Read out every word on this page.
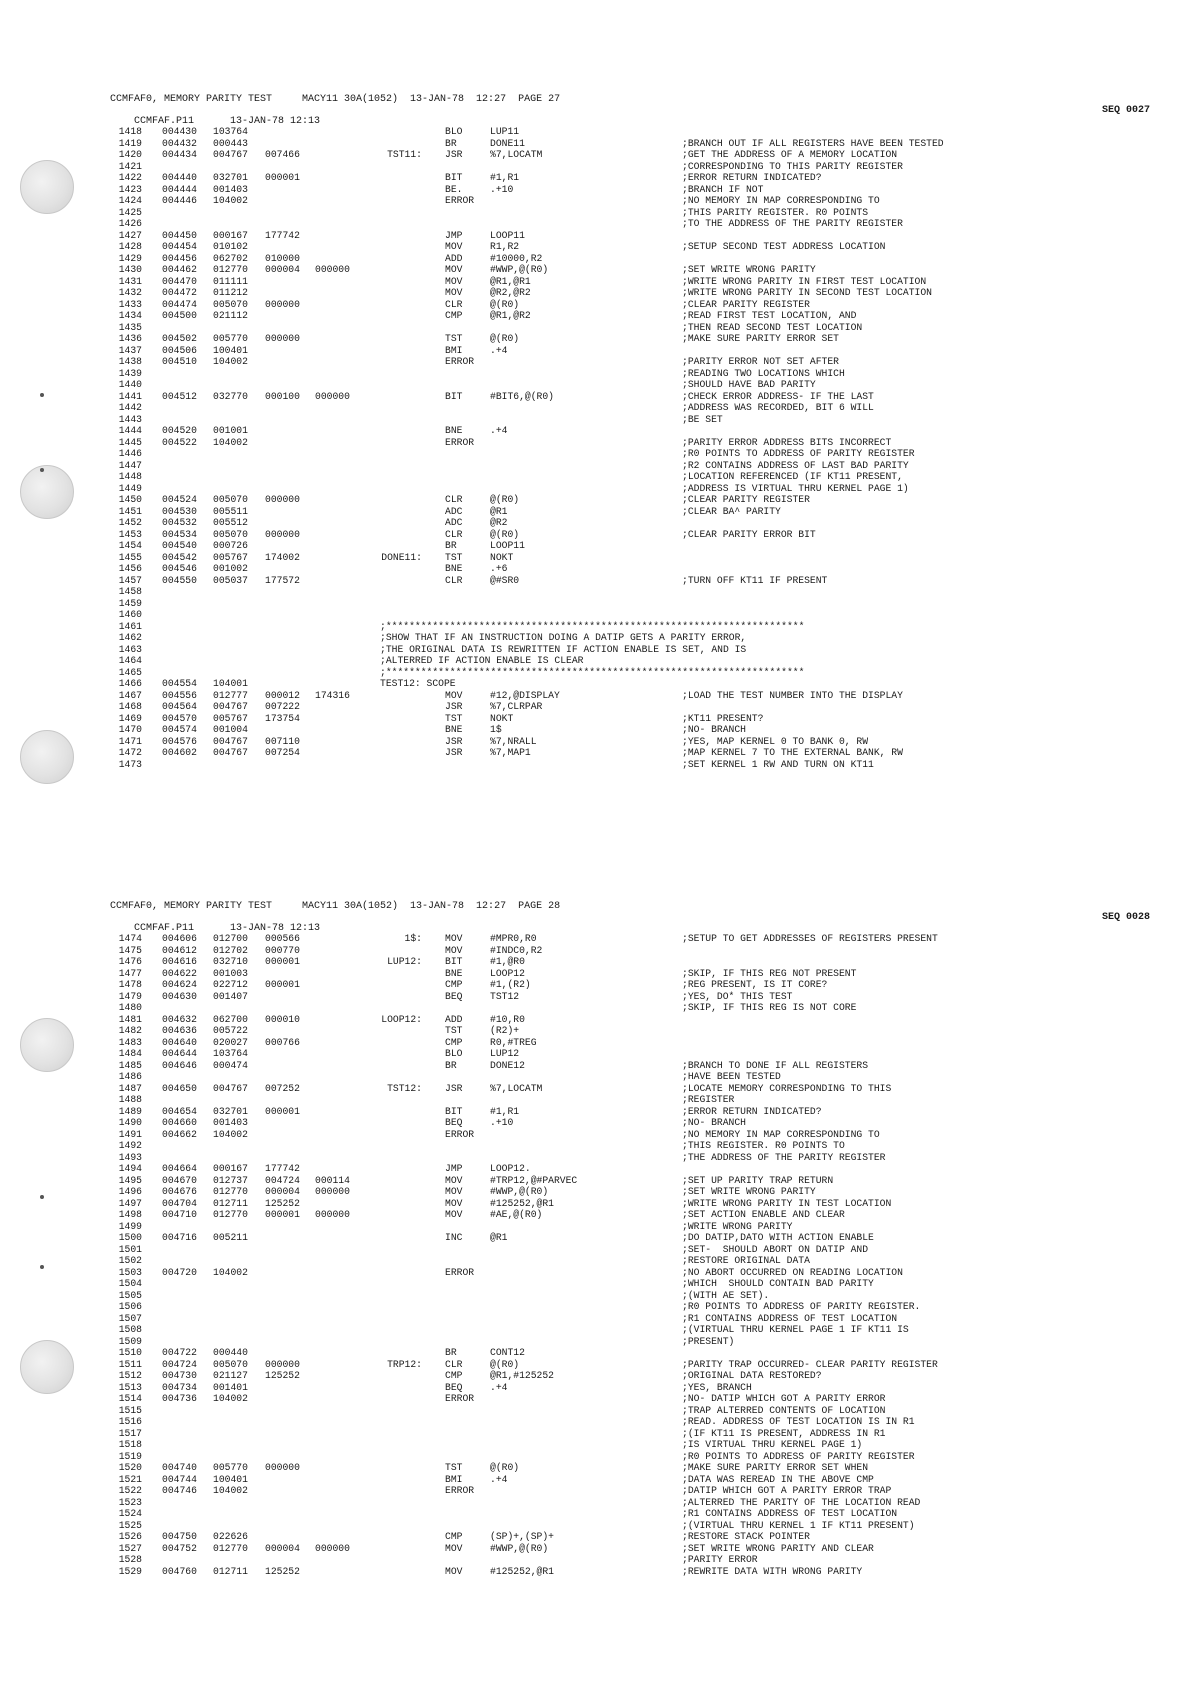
CCMFAF0, MEMORY PARITY TEST     MACY11 30A(1052)  13-JAN-78  12:27  PAGE 27

CCMFAF.P11      13-JAN-78 12:13

SEQ 0027

1418 004430 103764	BLO	LUP11
1419 004432 000443	BR	DONE11	;BRANCH OUT IF ALL REGISTERS HAVE BEEN TESTED
1420 004434 004767 007466	TST11: JSR	%7,LOCATM	;GET THE ADDRESS OF A MEMORY LOCATION
1421	;CORRESPONDING TO THIS PARITY REGISTER
1422 004440 032701 000001	BIT	#1,R1	;ERROR RETURN INDICATED?
1423 004444 001403	BE.	.+10	;BRANCH IF NOT
1424 004446 104002	ERROR	;NO MEMORY IN MAP CORRESPONDING TO
1425	;THIS PARITY REGISTER. R0 POINTS
1426	;TO THE ADDRESS OF THE PARITY REGISTER
1427 004450 000167 177742	JMP	LOOP11
1428 004454 010102	MOV	R1,R2	;SETUP SECOND TEST ADDRESS LOCATION
1429 004456 062702 010000	ADD	#10000,R2
1430 004462 012770 000004 000000	MOV	#WWP,@(R0)	;SET WRITE WRONG PARITY
1431 004470 011111	MOV	@R1,@R1	;WRITE WRONG PARITY IN FIRST TEST LOCATION
1432 004472 011212	MOV	@R2,@R2	;WRITE WRONG PARITY IN SECOND TEST LOCATION
1433 004474 005070 000000	CLR	@(R0)	;CLEAR PARITY REGISTER
1434 004500 021112	CMP	@R1,@R2	;READ FIRST TEST LOCATION, AND
1435	;THEN READ SECOND TEST LOCATION
1436 004502 005770 000000	TST	@(R0)	;MAKE SURE PARITY ERROR SET
1437 004506 100401	BMI	.+4
1438 004510 104002	ERROR	;PARITY ERROR NOT SET AFTER
1439	;READING TWO LOCATIONS WHICH
1440	;SHOULD HAVE BAD PARITY
1441 004512 032770 000100 000000	BIT	#BIT6,@(R0)	;CHECK ERROR ADDRESS- IF THE LAST
1442	;ADDRESS WAS RECORDED, BIT 6 WILL
1443	;BE SET
1444 004520 001001	BNE	.+4
1445 004522 104002	ERROR	;PARITY ERROR ADDRESS BITS INCORRECT
1446	;R0 POINTS TO ADDRESS OF PARITY REGISTER
1447	;R2 CONTAINS ADDRESS OF LAST BAD PARITY
1448	;LOCATION REFERENCED (IF KT11 PRESENT,
1449	;ADDRESS IS VIRTUAL THRU KERNEL PAGE 1)
1450 004524 005070 000000	CLR	@(R0)	;CLEAR PARITY REGISTER
1451 004530 005511	ADC	@R1	;CLEAR BA^ PARITY
1452 004532 005512	ADC	@R2
1453 004534 005070 000000	CLR	@(R0)	;CLEAR PARITY ERROR BIT
1454 004540 000726	BR	LOOP11
1455 004542 005767 174002	DONE11: TST	NOKT
1456 004546 001002	BNE	.+6
1457 004550 005037 177572	CLR	@#SR0	;TURN OFF KT11 IF PRESENT
1458
1459
1460
1461	;************************************************************************
1462	;SHOW THAT IF AN INSTRUCTION DOING A DATIP GETS A PARITY ERROR,
1463	;THE ORIGINAL DATA IS REWRITTEN IF ACTION ENABLE IS SET, AND IS
1464	;ALTERRED IF ACTION ENABLE IS CLEAR
1465	;************************************************************************
1466 004554 104001	TEST12: SCOPE
1467 004556 012777 000012 174316	MOV	#12,@DISPLAY	;LOAD THE TEST NUMBER INTO THE DISPLAY
1468 004564 004767 007222	JSR	%7,CLRPAR
1469 004570 005767 173754	TST	NOKT	;KT11 PRESENT?
1470 004574 001004	BNE	1$	;NO- BRANCH
1471 004576 004767 007110	JSR	%7,NRALL	;YES, MAP KERNEL 0 TO BANK 0, RW
1472 004602 004767 007254	JSR	%7,MAP1	;MAP KERNEL 7 TO THE EXTERNAL BANK, RW
1473	;SET KERNEL 1 RW AND TURN ON KT11
CCMFAF0, MEMORY PARITY TEST     MACY11 30A(1052)  13-JAN-78  12:27  PAGE 28

CCMFAF.P11      13-JAN-78 12:13

SEQ 0028

1474 004606 012700 000566	1$: MOV	#MPR0,R0	;SETUP TO GET ADDRESSES OF REGISTERS PRESENT
1475 004612 012702 000770	MOV	#INDC0,R2
1476 004616 032710 000001	LUP12: BIT	#1,@R0
1477 004622 001003	BNE	LOOP12	;SKIP, IF THIS REG NOT PRESENT
1478 004624 022712 000001	CMP	#1,(R2)	;REG PRESENT, IS IT CORE?
1479 004630 001407	BEQ	TST12	;YES, DO* THIS TEST
1480	;SKIP, IF THIS REG IS NOT CORE
1481 004632 062700 000010	LOOP12: ADD	#10,R0
1482 004636 005722	TST	(R2)+
1483 004640 020027 000766	CMP	R0,#TREG
1484 004644 103764	BLO	LUP12
1485 004646 000474	BR	DONE12	;BRANCH TO DONE IF ALL REGISTERS
1486	;HAVE BEEN TESTED
1487 004650 004767 007252	TST12: JSR	%7,LOCATM	;LOCATE MEMORY CORRESPONDING TO THIS
1488	;REGISTER
1489 004654 032701 000001	BIT	#1,R1	;ERROR RETURN INDICATED?
1490 004660 001403	BEQ	.+10	;NO- BRANCH
1491 004662 104002	ERROR	;NO MEMORY IN MAP CORRESPONDING TO
1492	;THIS REGISTER. R0 POINTS TO
1493	;THE ADDRESS OF THE PARITY REGISTER
1494 004664 000167 177742	JMP	LOOP12.
1495 004670 012737 004724 000114	MOV	#TRP12,@#PARVEC	;SET UP PARITY TRAP RETURN
1496 004676 012770 000004 000000	MOV	#WWP,@(R0)	;SET WRITE WRONG PARITY
1497 004704 012711 125252	MOV	#125252,@R1	;WRITE WRONG PARITY IN TEST LOCATION
1498 004710 012770 000001 000000	MOV	#AE,@(R0)	;SET ACTION ENABLE AND CLEAR
1499	;WRITE WRONG PARITY
1500 004716 005211	INC	@R1	;DO DATIP,DATO WITH ACTION ENABLE
1501	;SET-  SHOULD ABORT ON DATIP AND
1502	;RESTORE ORIGINAL DATA
1503 004720 104002	ERROR	;NO ABORT OCCURRED ON READING LOCATION
1504	;WHICH  SHOULD CONTAIN BAD PARITY
1505	;(WITH AE SET).
1506	;R0 POINTS TO ADDRESS OF PARITY REGISTER.
1507	;R1 CONTAINS ADDRESS OF TEST LOCATION
1508	;(VIRTUAL THRU KERNEL PAGE 1 IF KT11 IS
1509	;PRESENT)
1510 004722 000440	BR	CONT12
1511 004724 005070 000000	TRP12: CLR	@(R0)	;PARITY TRAP OCCURRED- CLEAR PARITY REGISTER
1512 004730 021127 125252	CMP	@R1,#125252	;ORIGINAL DATA RESTORED?
1513 004734 001401	BEQ	.+4	;YES, BRANCH
1514 004736 104002	ERROR	;NO- DATIP WHICH GOT A PARITY ERROR
1515	;TRAP ALTERRED CONTENTS OF LOCATION
1516	;READ. ADDRESS OF TEST LOCATION IS IN R1
1517	;(IF KT11 IS PRESENT, ADDRESS IN R1
1518	;IS VIRTUAL THRU KERNEL PAGE 1)
1519	;R0 POINTS TO ADDRESS OF PARITY REGISTER
1520 004740 005770 000000	TST	@(R0)	;MAKE SURE PARITY ERROR SET WHEN
1521 004744 100401	BMI	.+4	;DATA WAS REREAD IN THE ABOVE CMP
1522 004746 104002	ERROR	;DATIP WHICH GOT A PARITY ERROR TRAP
1523	;ALTERRED THE PARITY OF THE LOCATION READ
1524	;R1 CONTAINS ADDRESS OF TEST LOCATION
1525	;(VIRTUAL THRU KERNEL 1 IF KT11 PRESENT)
1526 004750 022626	CMP	(SP)+,(SP)+	;RESTORE STACK POINTER
1527 004752 012770 000004 000000	MOV	#WWP,@(R0)	;SET WRITE WRONG PARITY AND CLEAR
1528	;PARITY ERROR
1529 004760 012711 125252	MOV	#125252,@R1	;REWRITE DATA WITH WRONG PARITY
